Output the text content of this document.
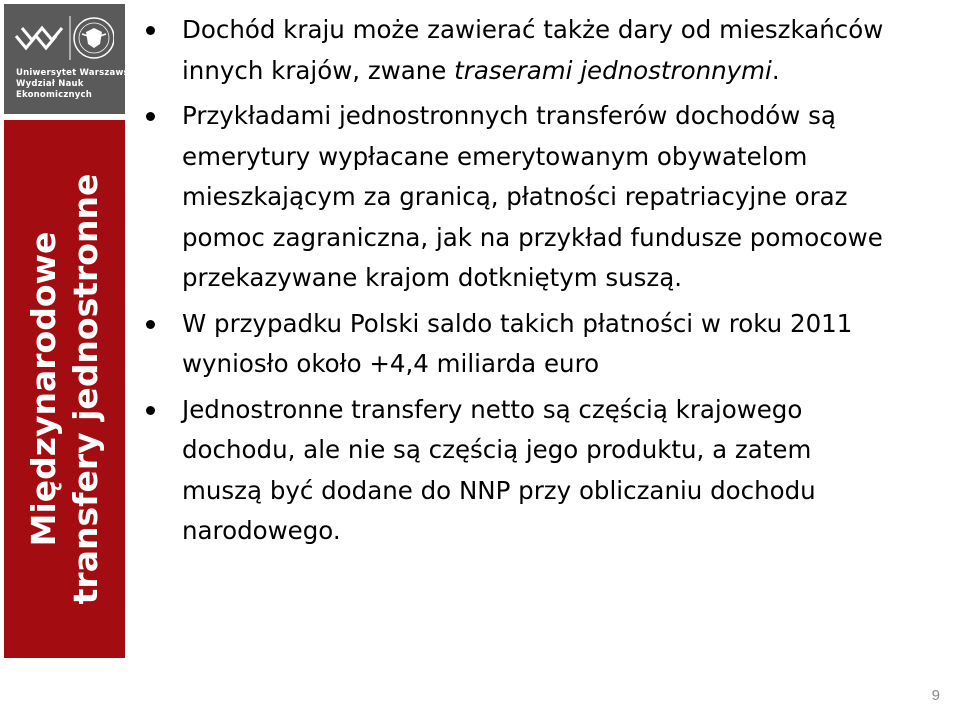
Uniwersytet Warszawski
Wydział Nauk
Ekonomicznych
Międzynarodowe transfery jednostronne
Dochód kraju może zawierać także dary od mieszkańców
innych krajów, zwane traserami jednostronnymi.
Przykładami jednostronnych transferów dochodów są
emerytury wypłacane emerytowanym obywatelom
mieszkającym za granicą, płatności repatriacyjne oraz
pomoc zagraniczna, jak na przykład fundusze pomocowe
przekazywane krajom dotkniętym suszą.
W przypadku Polski saldo takich płatności w roku 2011
wyniosło około +4,4 miliarda euro
Jednostronne transfery netto są częścią krajowego
dochodu, ale nie są częścią jego produktu, a zatem
muszą być dodane do NNP przy obliczaniu dochodu
narodowego.
9
